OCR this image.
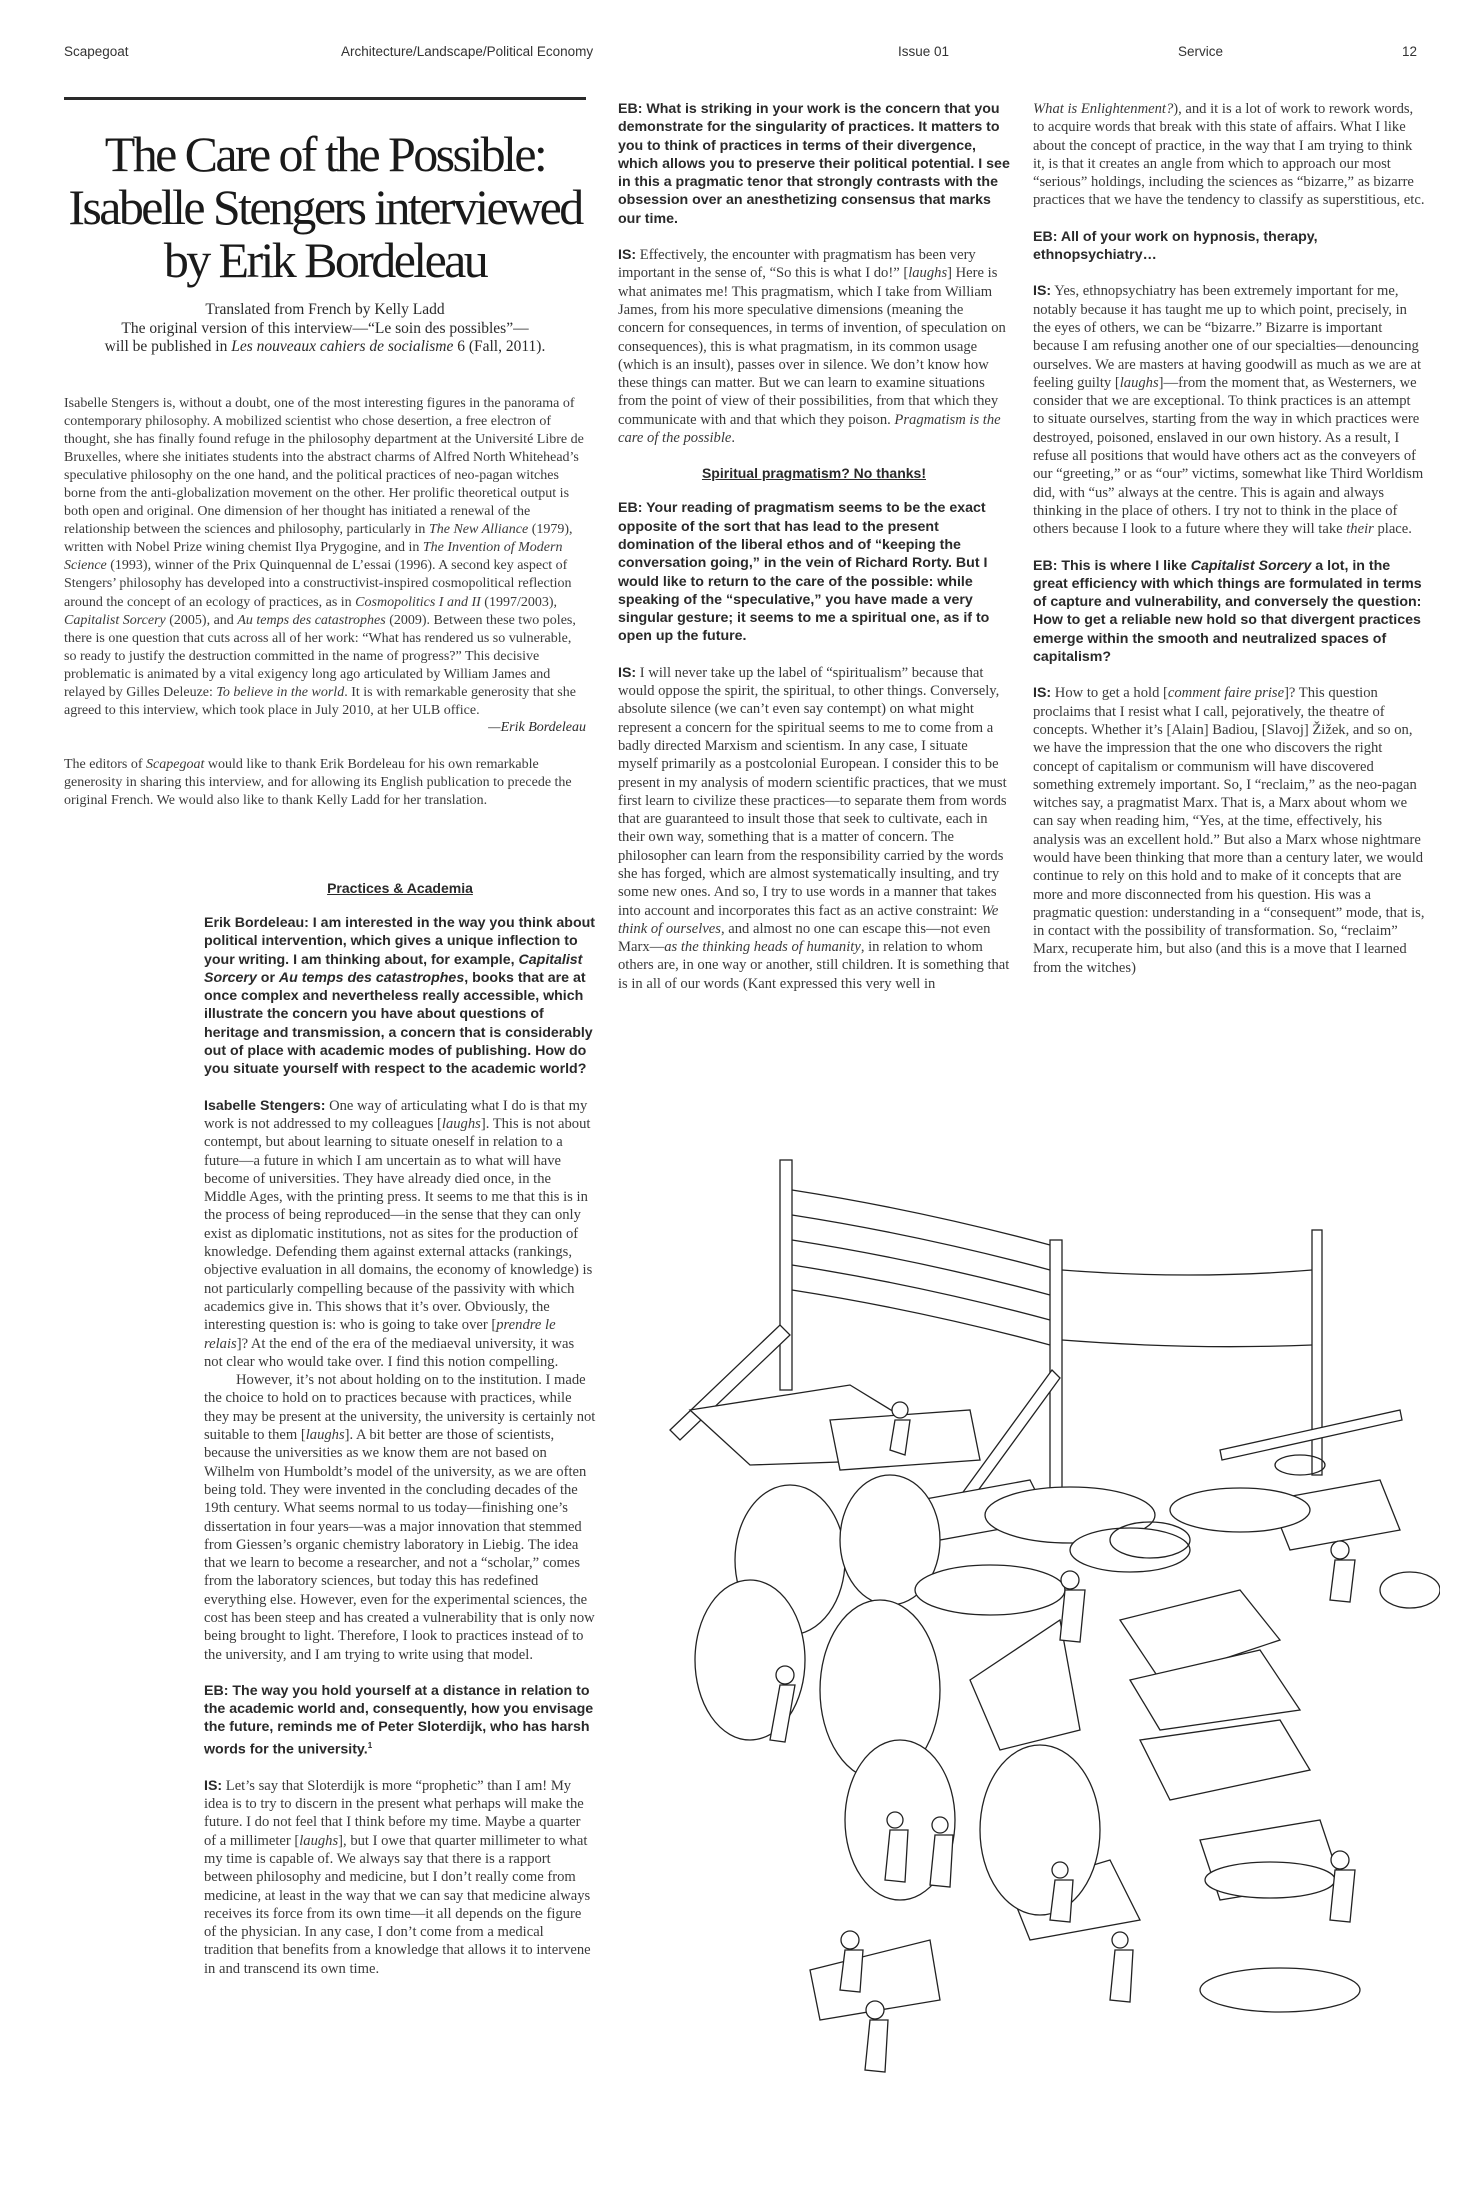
Scapegoat	Architecture/Landscape/Political Economy	Issue 01	Service	12
The Care of the Possible:
Isabelle Stengers interviewed
by Erik Bordeleau
Translated from French by Kelly Ladd
The original version of this interview—“Le soin des possibles”—
will be published in Les nouveaux cahiers de socialisme 6 (Fall, 2011).

Isabelle Stengers is, without a doubt, one of the most interesting figures in the panorama of contemporary philosophy. A mobilized scientist who chose desertion, a free electron of thought, she has finally found refuge in the philosophy department at the Université Libre de Bruxelles, where she initiates students into the abstract charms of Alfred North Whitehead’s speculative philosophy on the one hand, and the political practices of neo-pagan witches borne from the anti-globalization movement on the other. Her prolific theoretical output is both open and original. One dimension of her thought has initiated a renewal of the relationship between the sciences and philosophy, particularly in The New Alliance (1979), written with Nobel Prize wining chemist Ilya Prygogine, and in The Invention of Modern Science (1993), winner of the Prix Quinquennal de L’essai (1996). A second key aspect of Stengers’ philosophy has developed into a constructivist-inspired cosmopolitical reflection around the concept of an ecology of practices, as in Cosmopolitics I and II (1997/2003), Capitalist Sorcery (2005), and Au temps des catastrophes (2009). Between these two poles, there is one question that cuts across all of her work: “What has rendered us so vulnerable, so ready to justify the destruction committed in the name of progress?” This decisive problematic is animated by a vital exigency long ago articulated by William James and relayed by Gilles Deleuze: To believe in the world. It is with remarkable generosity that she agreed to this interview, which took place in July 2010, at her ULB office.

—Erik Bordeleau

The editors of Scapegoat would like to thank Erik Bordeleau for his own remarkable generosity in sharing this interview, and for allowing its English publication to precede the original French. We would also like to thank Kelly Ladd for her translation.

Practices & Academia

Erik Bordeleau: I am interested in the way you think about political intervention, which gives a unique inflection to your writing. I am thinking about, for example, Capitalist Sorcery or Au temps des catastrophes, books that are at once complex and nevertheless really accessible, which illustrate the concern you have about questions of heritage and transmission, a concern that is considerably out of place with academic modes of publishing. How do you situate yourself with respect to the academic world?

Isabelle Stengers: One way of articulating what I do is that my work is not addressed to my colleagues [laughs]. This is not about contempt, but about learning to situate oneself in relation to a future—a future in which I am uncertain as to what will have become of universities. They have already died once, in the Middle Ages, with the printing press. It seems to me that this is in the process of being reproduced—in the sense that they can only exist as diplomatic institutions, not as sites for the production of knowledge. Defending them against external attacks (rankings, objective evaluation in all domains, the economy of knowledge) is not particularly compelling because of the passivity with which academics give in. This shows that it’s over. Obviously, the interesting question is: who is going to take over [prendre le relais]? At the end of the era of the mediaeval university, it was not clear who would take over. I find this notion compelling.

However, it’s not about holding on to the institution. I made the choice to hold on to practices because with practices, while they may be present at the university, the university is certainly not suitable to them [laughs]. A bit better are those of scientists, because the universities as we know them are not based on Wilhelm von Humboldt’s model of the university, as we are often being told. They were invented in the concluding decades of the 19th century. What seems normal to us today—finishing one’s dissertation in four years—was a major innovation that stemmed from Giessen’s organic chemistry laboratory in Liebig. The idea that we learn to become a researcher, and not a “scholar,” comes from the laboratory sciences, but today this has redefined everything else. However, even for the experimental sciences, the cost has been steep and has created a vulnerability that is only now being brought to light. Therefore, I look to practices instead of to the university, and I am trying to write using that model.

EB: The way you hold yourself at a distance in relation to the academic world and, consequently, how you envisage the future, reminds me of Peter Sloterdijk, who has harsh words for the university.$^1$

IS: Let’s say that Sloterdijk is more “prophetic” than I am! My idea is to try to discern in the present what perhaps will make the future. I do not feel that I think before my time. Maybe a quarter of a millimeter [laughs], but I owe that quarter millimeter to what my time is capable of. We always say that there is a rapport between philosophy and medicine, but I don’t really come from medicine, at least in the way that we can say that medicine always receives its force from its own time—it all depends on the figure of the physician. In any case, I don’t come from a medical tradition that benefits from a knowledge that allows it to intervene in and transcend its own time.

EB: What is striking in your work is the concern that you demonstrate for the singularity of practices. It matters to you to think of practices in terms of their divergence, which allows you to preserve their political potential. I see in this a pragmatic tenor that strongly contrasts with the obsession over an anesthetizing consensus that marks our time.

IS: Effectively, the encounter with pragmatism has been very important in the sense of, “So this is what I do!” [laughs] Here is what animates me! This pragmatism, which I take from William James, from his more speculative dimensions (meaning the concern for consequences, in terms of invention, of speculation on consequences), this is what pragmatism, in its common usage (which is an insult), passes over in silence. We don’t know how these things can matter. But we can learn to examine situations from the point of view of their possibilities, from that which they communicate with and that which they poison. Pragmatism is the care of the possible.

Spiritual pragmatism? No thanks!

EB: Your reading of pragmatism seems to be the exact opposite of the sort that has lead to the present domination of the liberal ethos and of “keeping the conversation going,” in the vein of Richard Rorty. But I would like to return to the care of the possible: while speaking of the “speculative,” you have made a very singular gesture; it seems to me a spiritual one, as if to open up the future.

IS: I will never take up the label of “spiritualism” because that would oppose the spirit, the spiritual, to other things. Conversely, absolute silence (we can’t even say contempt) on what might represent a concern for the spiritual seems to me to come from a badly directed Marxism and scientism. In any case, I situate myself primarily as a postcolonial European. I consider this to be present in my analysis of modern scientific practices, that we must first learn to civilize these practices—to separate them from words that are guaranteed to insult those that seek to cultivate, each in their own way, something that is a matter of concern. The philosopher can learn from the responsibility carried by the words she has forged, which are almost systematically insulting, and try some new ones. And so, I try to use words in a manner that takes into account and incorporates this fact as an active constraint: We think of ourselves, and almost no one can escape this—not even Marx—as the thinking heads of humanity, in relation to whom others are, in one way or another, still children. It is something that is in all of our words (Kant expressed this very well in

What is Enlightenment?), and it is a lot of work to rework words, to acquire words that break with this state of affairs. What I like about the concept of practice, in the way that I am trying to think it, is that it creates an angle from which to approach our most “serious” holdings, including the sciences as “bizarre,” as bizarre practices that we have the tendency to classify as superstitious, etc.

EB: All of your work on hypnosis, therapy, ethnopsychiatry…

IS: Yes, ethnopsychiatry has been extremely important for me, notably because it has taught me up to which point, precisely, in the eyes of others, we can be “bizarre.” Bizarre is important because I am refusing another one of our specialties—denouncing ourselves. We are masters at having goodwill as much as we are at feeling guilty [laughs]—from the moment that, as Westerners, we consider that we are exceptional. To think practices is an attempt to situate ourselves, starting from the way in which practices were destroyed, poisoned, enslaved in our own history. As a result, I refuse all positions that would have others act as the conveyers of our “greeting,” or as “our” victims, somewhat like Third Worldism did, with “us” always at the centre. This is again and always thinking in the place of others. I try not to think in the place of others because I look to a future where they will take their place.

EB: This is where I like Capitalist Sorcery a lot, in the great efficiency with which things are formulated in terms of capture and vulnerability, and conversely the question: How to get a reliable new hold so that divergent practices emerge within the smooth and neutralized spaces of capitalism?

IS: How to get a hold [comment faire prise]? This question proclaims that I resist what I call, pejoratively, the theatre of concepts. Whether it’s [Alain] Badiou, [Slavoj] Žižek, and so on, we have the impression that the one who discovers the right concept of capitalism or communism will have discovered something extremely important. So, I “reclaim,” as the neo-pagan witches say, a pragmatist Marx. That is, a Marx about whom we can say when reading him, “Yes, at the time, effectively, his analysis was an excellent hold.” But also a Marx whose nightmare would have been thinking that more than a century later, we would continue to rely on this hold and to make of it concepts that are more and more disconnected from his question. His was a pragmatic question: understanding in a “consequent” mode, that is, in contact with the possibility of transformation. So, “reclaim” Marx, recuperate him, but also (and this is a move that I learned from the witches)
